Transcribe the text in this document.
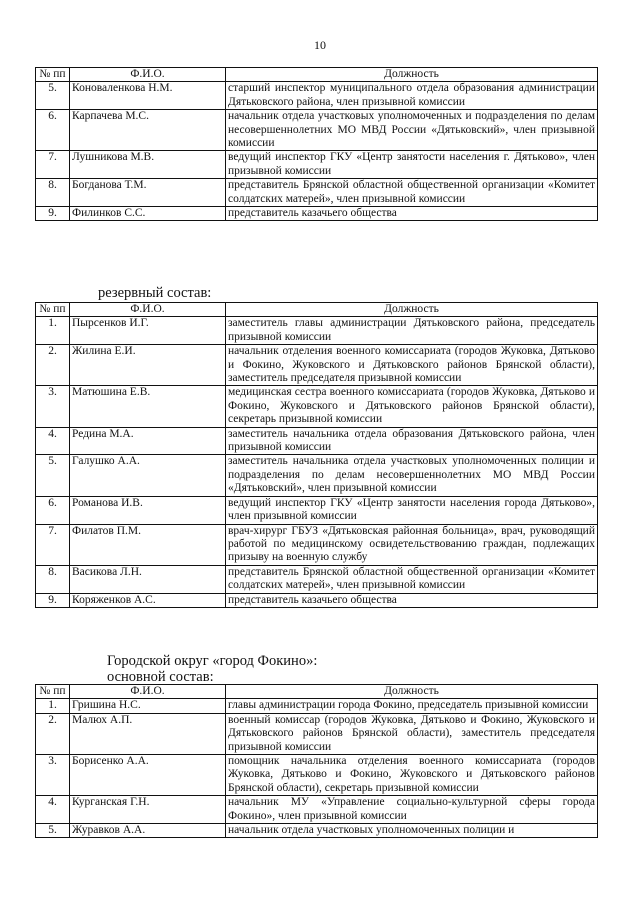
10
№ пп	Ф.И.О.	Должность
5.	Коноваленкова Н.М.	старший инспектор муниципального отдела образования администрации Дятьковского района, член призывной комиссии
6.	Карпачева М.С.	начальник отдела участковых уполномоченных и подразделения по делам несовершеннолетних МО МВД России «Дятьковский», член призывной комиссии
7.	Лушникова М.В.	ведущий инспектор ГКУ «Центр занятости населения г. Дятьково», член призывной комиссии
8.	Богданова Т.М.	представитель Брянской областной общественной организации «Комитет солдатских матерей», член призывной комиссии
9.	Филинков С.С.	представитель казачьего общества
резервный состав:
№ пп	Ф.И.О.	Должность
1.	Пырсенков И.Г.	заместитель главы администрации Дятьковского района, председатель призывной комиссии
2.	Жилина Е.И.	начальник отделения военного комиссариата (городов Жуковка, Дятьково и Фокино, Жуковского и Дятьковского районов Брянской области), заместитель председателя призывной комиссии
3.	Матюшина Е.В.	медицинская сестра военного комиссариата (городов Жуковка, Дятьково и Фокино, Жуковского и Дятьковского районов Брянской области), секретарь призывной комиссии
4.	Редина М.А.	заместитель начальника отдела образования Дятьковского района, член призывной комиссии
5.	Галушко А.А.	заместитель начальника отдела участковых уполномоченных полиции и подразделения по делам несовершеннолетних МО МВД России «Дятьковский», член призывной комиссии
6.	Романова И.В.	ведущий инспектор ГКУ «Центр занятости населения города Дятьково», член призывной комиссии
7.	Филатов П.М.	врач-хирург ГБУЗ «Дятьковская районная больница», врач, руководящий работой по медицинскому освидетельствованию граждан, подлежащих призыву на военную службу
8.	Васикова Л.Н.	представитель Брянской областной общественной организации «Комитет солдатских матерей», член призывной комиссии
9.	Коряженков А.С.	представитель казачьего общества
Городской округ «город Фокино»:
основной состав:
№ пп	Ф.И.О.	Должность
1.	Гришина Н.С.	главы администрации города Фокино, председатель призывной комиссии
2.	Малюх А.П.	военный комиссар (городов Жуковка, Дятьково и Фокино, Жуковского и Дятьковского районов Брянской области), заместитель председателя призывной комиссии
3.	Борисенко А.А.	помощник начальника отделения военного комиссариата (городов Жуковка, Дятьково и Фокино, Жуковского и Дятьковского районов Брянской области), секретарь призывной комиссии
4.	Курганская Г.Н.	начальник МУ «Управление социально-культурной сферы города Фокино», член призывной комиссии
5.	Журавков А.А.	начальник отдела участковых уполномоченных полиции и
